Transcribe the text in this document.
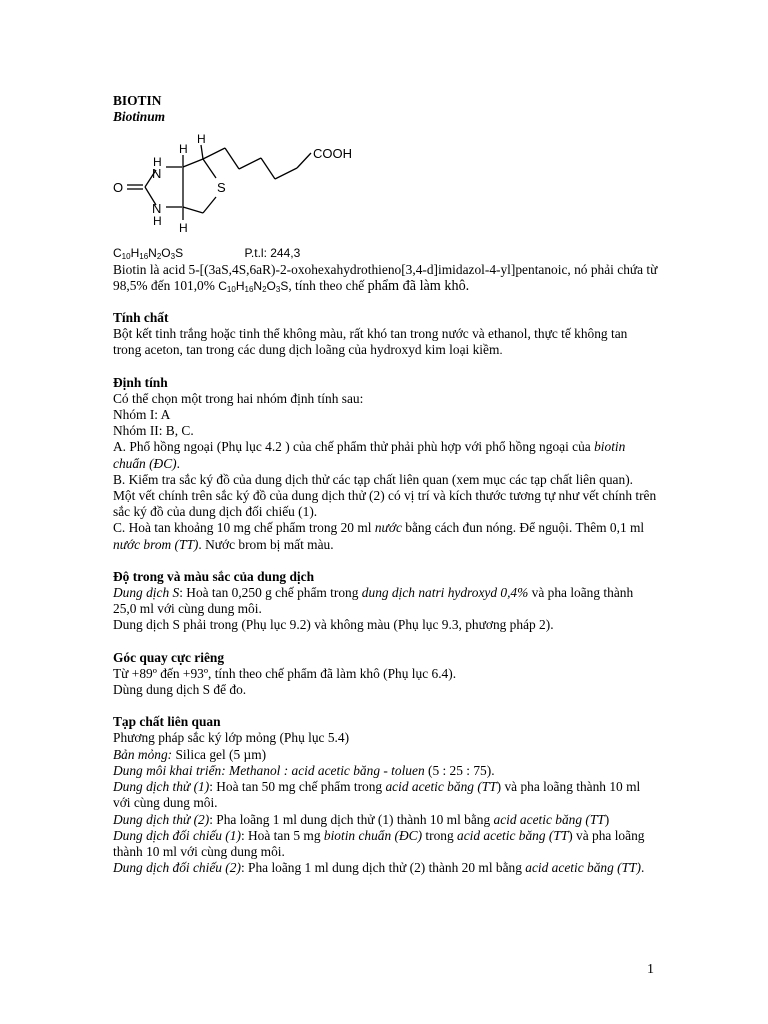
BIOTIN

Biotinum

H
N
N
H
H
H
H
O	S
COOH
$C_{10}H_{16}N_2O_3S$	P.t.l: 244,3

Biotin là acid 5-[(3aS,4S,6aR)-2-oxohexahydrothieno[3,4-d]imidazol-4-yl]pentanoic, nó phải chứa từ 98,5% đến 101,0% $C_{10}H_{16}N_2O_3S$, tính theo chế phẩm đã làm khô.

Tính chất

Bột kết tinh trắng hoặc tinh thể không màu, rất khó tan trong nước và ethanol, thực tế không tan trong aceton, tan trong các dung dịch loãng của hydroxyd kim loại kiềm.

Định tính

Có thể chọn một trong hai nhóm định tính sau:

Nhóm I: A

Nhóm II: B, C.

A. Phổ hồng ngoại (Phụ lục 4.2 ) của chế phẩm thử phải phù hợp với phổ hồng ngoại của biotin chuẩn (ĐC).

B. Kiểm tra sắc ký đồ của dung dịch thử các tạp chất liên quan (xem mục các tạp chất liên quan). Một vết chính trên sắc ký đồ của dung dịch thử (2) có vị trí và kích thước tương tự như vết chính trên sắc ký đồ của dung dịch đối chiếu (1).

C. Hoà tan khoảng 10 mg chế phẩm trong 20 ml nước bằng cách đun nóng. Để nguội. Thêm 0,1 ml nước brom (TT). Nước brom bị mất màu.

Độ trong và màu sắc của dung dịch

Dung dịch S: Hoà tan 0,250 g chế phẩm trong dung dịch natri hydroxyd 0,4% và pha loãng thành 25,0 ml với cùng dung môi.

Dung dịch S phải trong (Phụ lục 9.2) và không màu (Phụ lục 9.3, phương pháp 2).

Góc quay cực riêng

Từ +89º đến +93º, tính theo chế phẩm đã làm khô (Phụ lục 6.4).

Dùng dung dịch S để đo.

Tạp chất liên quan

Phương pháp sắc ký lớp mỏng (Phụ lục 5.4)

Bản mỏng: Silica gel (5 µm)

Dung môi khai triển: Methanol : acid acetic băng - toluen (5 : 25 : 75).

Dung dịch thử (1): Hoà tan 50 mg chế phẩm trong acid acetic băng (TT) và pha loãng thành 10 ml với cùng dung môi.

Dung dịch thử (2): Pha loãng 1 ml dung dịch thử (1) thành 10 ml bằng acid acetic băng (TT)

Dung dịch đối chiếu (1): Hoà tan 5 mg biotin chuẩn (ĐC) trong acid acetic băng (TT) và pha loãng thành 10 ml với cùng dung môi.

Dung dịch đối chiếu (2): Pha loãng 1 ml dung dịch thử (2) thành 20 ml bằng acid acetic băng (TT).

1
